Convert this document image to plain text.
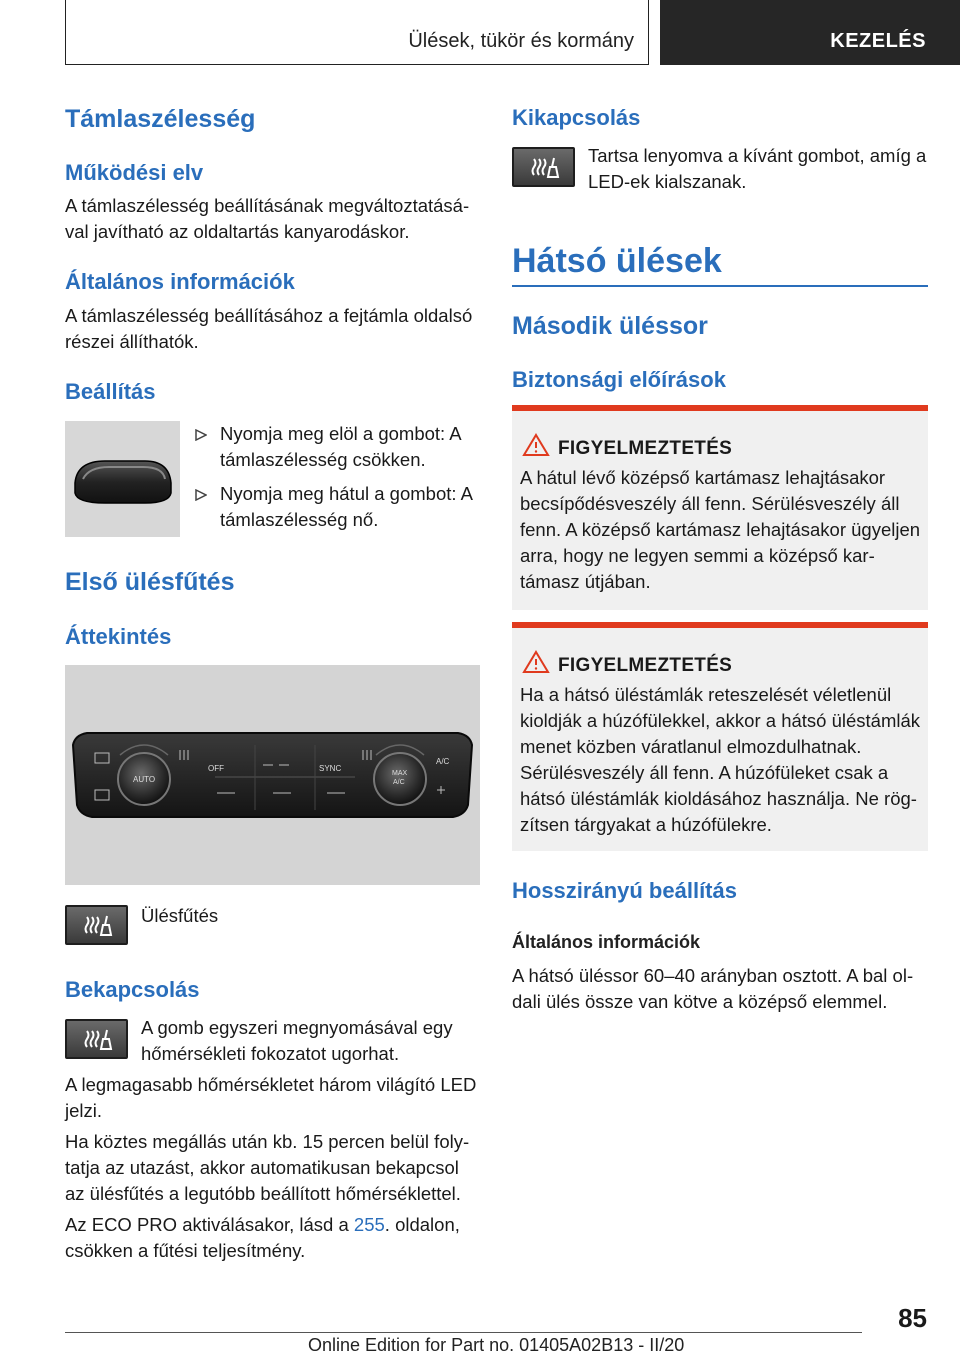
Ülések, tükör és kormány	KEZELÉS
Támlaszélesség
Működési elv
A támlaszélesség beállításának megváltoztatásával javítható az oldaltartás kanyarodáskor.
Általános információk
A támlaszélesség beállításához a fejtámla oldalsó részei állíthatók.
Beállítás
Nyomja meg elöl a gombot: A támlaszélesség csökken.
Nyomja meg hátul a gombot: A támlaszélesség nő.
Első ülésfűtés
Áttekintés
OFF	SYNC
AUTO
MAX
A/C
A/C
Ülésfűtés
Bekapcsolás
A gomb egyszeri megnyomásával egy hőmérsékleti fokozatot ugorhat.
A legmagasabb hőmérsékletet három világító LED jelzi.
Ha köztes megállás után kb. 15 percen belül folytatja az utazást, akkor automatikusan bekapcsol az ülésfűtés a legutóbb beállított hőmérséklettel.
Az ECO PRO aktiválásakor, lásd a 255. oldalon, csökken a fűtési teljesítmény.
Kikapcsolás
Tartsa lenyomva a kívánt gombot, amíg a LED-ek kialszanak.
Hátsó ülések
Második üléssor
Biztonsági előírások
FIGYELMEZTETÉS
A hátul lévő középső kartámasz lehajtásakor becsípődésveszély áll fenn. Sérülésveszély áll fenn. A középső kartámasz lehajtásakor ügyeljen arra, hogy ne legyen semmi a középső kartámasz útjában.
FIGYELMEZTETÉS
Ha a hátsó üléstámlák reteszelését véletlenül kioldják a húzófülekkel, akkor a hátsó üléstámlák menet közben váratlanul elmozdulhatnak. Sérülésveszély áll fenn. A húzófüleket csak a hátsó üléstámlák kioldásához használja. Ne rögzítsen tárgyakat a húzófülekre.
Hosszirányú beállítás
Általános információk
A hátsó üléssor 60–40 arányban osztott. A bal oldali ülés össze van kötve a középső elemmel.
85
Online Edition for Part no. 01405A02B13 - II/20
